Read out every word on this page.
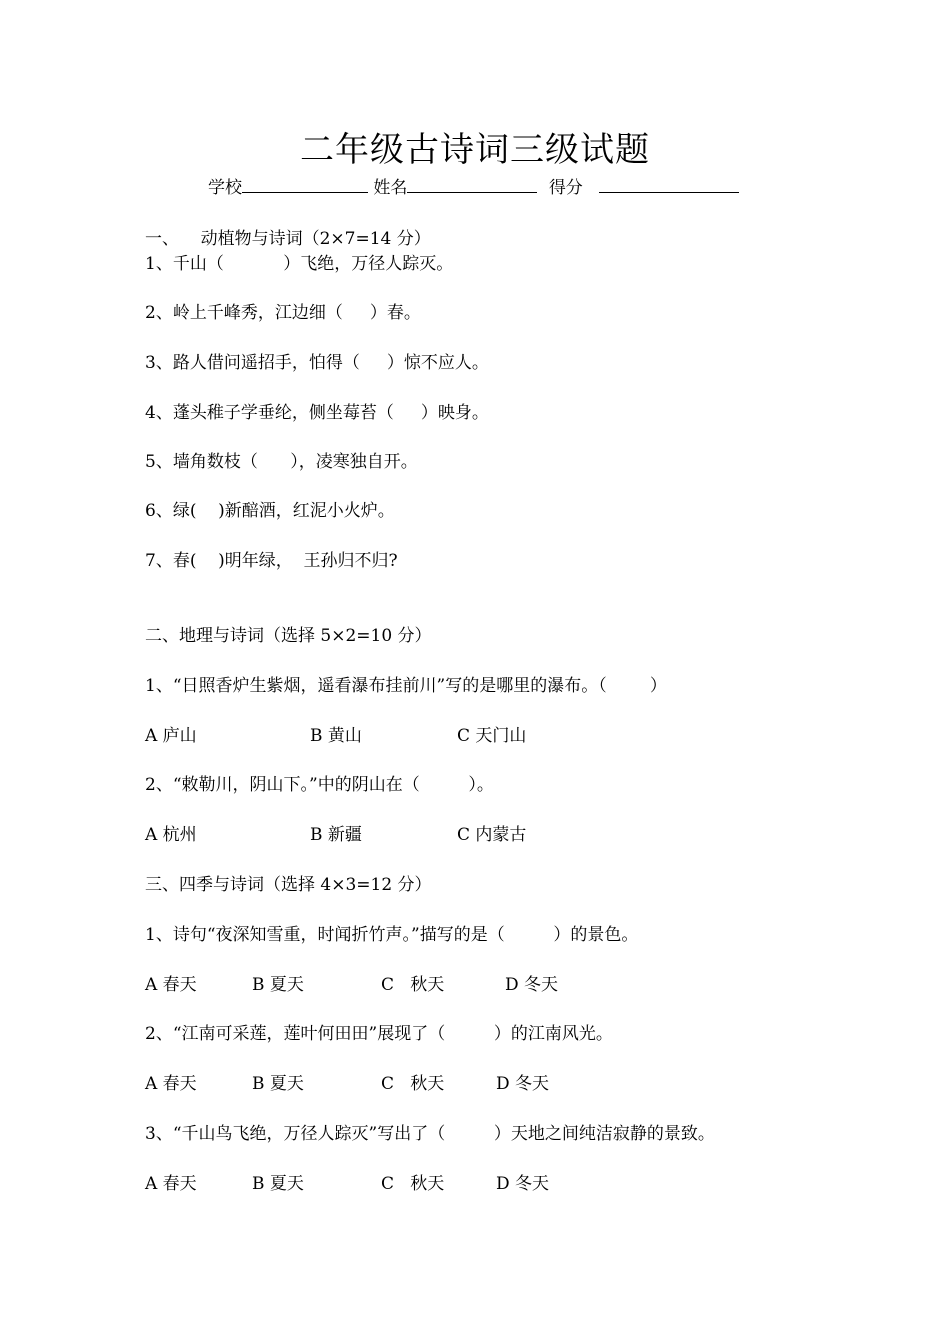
二年级古诗词三级试题
学校	姓名	得分
一、    动植物与诗词（2×7=14 分）
1、千山（           ）飞绝，万径人踪灭。
2、岭上千峰秀，江边细（     ）春。
3、路人借问遥招手，怕得（     ）惊不应人。
4、蓬头稚子学垂纶，侧坐莓苔（     ）映身。
5、墙角数枝（      ），凌寒独自开。
6、绿(    )新醅酒，红泥小火炉。
7、春(    )明年绿，  王孙归不归?
二、地理与诗词（选择 5×2=10 分）
1、“日照香炉生紫烟，遥看瀑布挂前川”写的是哪里的瀑布。（        ）
A 庐山	B 黄山	C 天门山
2、“敕勒川，阴山下。”中的阴山在（         ）。
A 杭州	B 新疆	C 内蒙古
三、四季与诗词（选择 4×3=12 分）
1、诗句“夜深知雪重，时闻折竹声。”描写的是（         ）的景色。
A 春天	B 夏天	C   秋天	D 冬天
2、“江南可采莲，莲叶何田田”展现了（         ）的江南风光。
A 春天	B 夏天	C   秋天	D 冬天
3、“千山鸟飞绝，万径人踪灭”写出了（         ）天地之间纯洁寂静的景致。
A 春天	B 夏天	C   秋天	D 冬天
